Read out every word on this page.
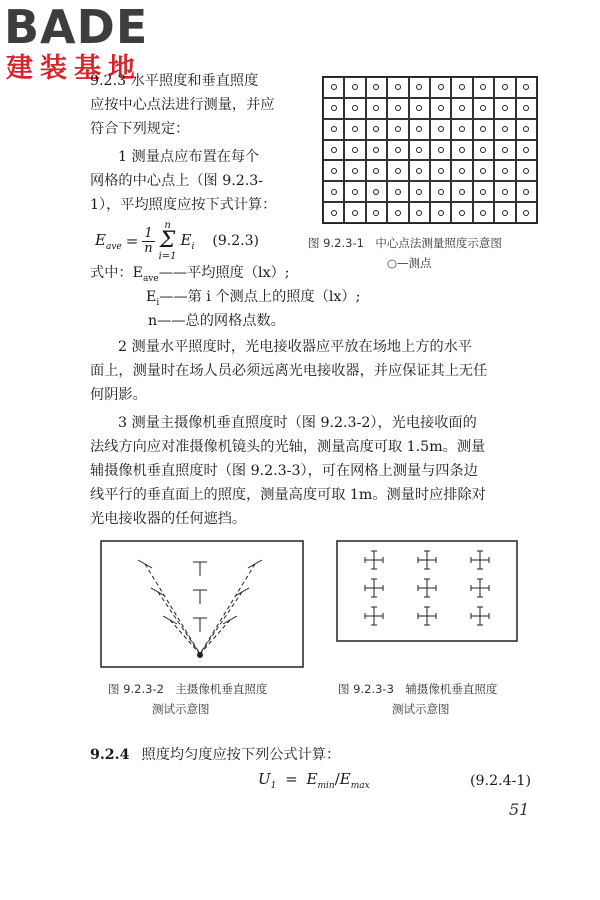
BADE
建装基地
9.2.3 水平照度和垂直照度
应按中心点法进行测量，并应
符合下列规定：
1 测量点应布置在每个
网格的中心点上（图 9.2.3-
1），平均照度应按下式计算：
$E_{ave} = \frac{1}{n}$
n
Σ
i=1
$E_i$ (9.2.3)
式中：$E_{ave}——$平均照度（lx）;
$E_i——$第 i 个测点上的照度（lx）;
n——总的网格点数。
图 9.2.3-1　中心点法测量照度示意图
○—测点
2 测量水平照度时，光电接收器应平放在场地上方的水平
面上，测量时在场人员必须远离光电接收器，并应保证其上无任
何阴影。
3 测量主摄像机垂直照度时（图 9.2.3-2），光电接收面的
法线方向应对准摄像机镜头的光轴，测量高度可取 1.5m。测量
辅摄像机垂直照度时（图 9.2.3-3），可在网格上测量与四条边
线平行的垂直面上的照度，测量高度可取 1m。测量时应排除对
光电接收器的任何遮挡。
图 9.2.3-2　主摄像机垂直照度
测试示意图
图 9.2.3-3　辅摄像机垂直照度
测试示意图
9.2.4 照度均匀度应按下列公式计算：
$U_1 = E_{min}/E_{max}$	(9.2.4-1)
51
